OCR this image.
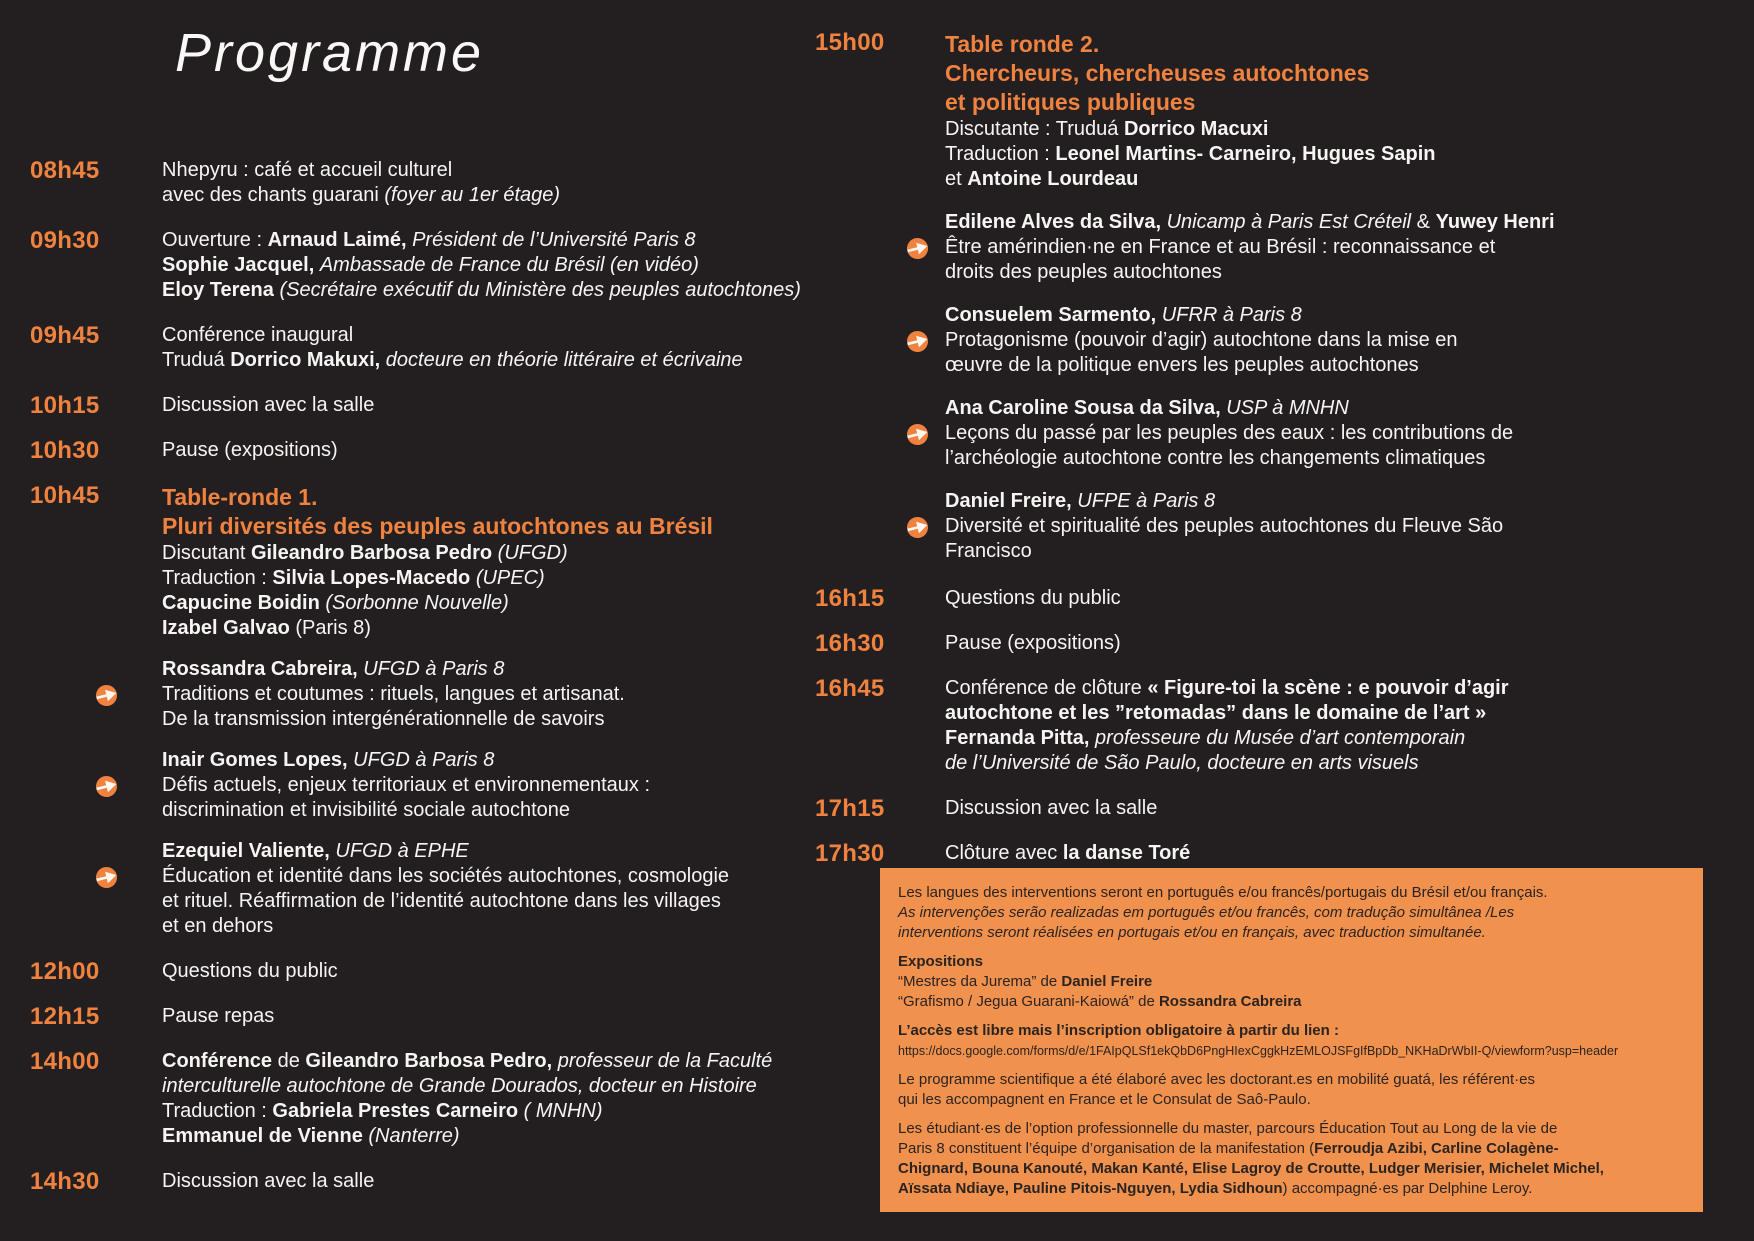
Programme
08h45	Nhepyru : café et accueil culturel
avec des chants guarani (foyer au 1er étage)
09h30	Ouverture : Arnaud Laimé, Président de l’Université Paris 8
Sophie Jacquel, Ambassade de France du Brésil (en vidéo)
Eloy Terena (Secrétaire exécutif du Ministère des peuples autochtones)
09h45	Conférence inaugural
Truduá Dorrico Makuxi, docteure en théorie littéraire et écrivaine
10h15	Discussion avec la salle
10h30	Pause (expositions)
10h45	Table-ronde 1.
Pluri diversités des peuples autochtones au Brésil
Discutant Gileandro Barbosa Pedro (UFGD)
Traduction : Silvia Lopes-Macedo (UPEC)
Capucine Boidin (Sorbonne Nouvelle)
Izabel Galvao (Paris 8)
Rossandra Cabreira, UFGD à Paris 8
Traditions et coutumes : rituels, langues et artisanat.
De la transmission intergénérationnelle de savoirs
Inair Gomes Lopes, UFGD à Paris 8
Défis actuels, enjeux territoriaux et environnementaux :
discrimination et invisibilité sociale autochtone
Ezequiel Valiente, UFGD à EPHE
Éducation et identité dans les sociétés autochtones, cosmologie
et rituel. Réaffirmation de l’identité autochtone dans les villages
et en dehors
12h00	Questions du public
12h15	Pause repas
14h00	Conférence de Gileandro Barbosa Pedro, professeur de la Faculté
interculturelle autochtone de Grande Dourados, docteur en Histoire
Traduction : Gabriela Prestes Carneiro ( MNHN)
Emmanuel de Vienne (Nanterre)
14h30	Discussion avec la salle
15h00	Table ronde 2.
Chercheurs, chercheuses autochtones
et politiques publiques
Discutante : Truduá Dorrico Macuxi
Traduction : Leonel Martins- Carneiro, Hugues Sapin
et Antoine Lourdeau
Edilene Alves da Silva, Unicamp à Paris Est Créteil & Yuwey Henri
Être amérindien·ne en France et au Brésil : reconnaissance et
droits des peuples autochtones
Consuelem Sarmento, UFRR à Paris 8
Protagonisme (pouvoir d’agir) autochtone dans la mise en
œuvre de la politique envers les peuples autochtones
Ana Caroline Sousa da Silva, USP à MNHN
Leçons du passé par les peuples des eaux : les contributions de
l’archéologie autochtone contre les changements climatiques
Daniel Freire, UFPE à Paris 8
Diversité et spiritualité des peuples autochtones du Fleuve São
Francisco
16h15	Questions du public
16h30	Pause (expositions)
16h45	Conférence de clôture « Figure-toi la scène : e pouvoir d’agir
autochtone et les ”retomadas” dans le domaine de l’art »
Fernanda Pitta, professeure du Musée d’art contemporain
de l’Université de São Paulo, docteure en arts visuels
17h15	Discussion avec la salle
17h30	Clôture avec la danse Toré
Les langues des interventions seront en português e/ou francês/portugais du Brésil et/ou français.
As intervenções serão realizadas em português et/ou francês, com tradução simultânea /Les
interventions seront réalisées en portugais et/ou en français, avec traduction simultanée.
Expositions
“Mestres da Jurema” de Daniel Freire
“Grafismo / Jegua Guarani-Kaiowá” de Rossandra Cabreira
L’accès est libre mais l’inscription obligatoire à partir du lien :
https://docs.google.com/forms/d/e/1FAIpQLSf1ekQbD6PngHIexCggkHzEMLOJSFgIfBpDb_NKHaDrWbII-Q/viewform?usp=header
Le programme scientifique a été élaboré avec les doctorant.es en mobilité guatá, les référent·es
qui les accompagnent en France et le Consulat de Saô-Paulo.
Les étudiant·es de l’option professionnelle du master, parcours Éducation Tout au Long de la vie de
Paris 8 constituent l’équipe d’organisation de la manifestation (Ferroudja Azibi, Carline Colagène-
Chignard, Bouna Kanouté, Makan Kanté, Elise Lagroy de Croutte, Ludger Merisier, Michelet Michel,
Aïssata Ndiaye, Pauline Pitois-Nguyen, Lydia Sidhoun) accompagné·es par Delphine Leroy.
